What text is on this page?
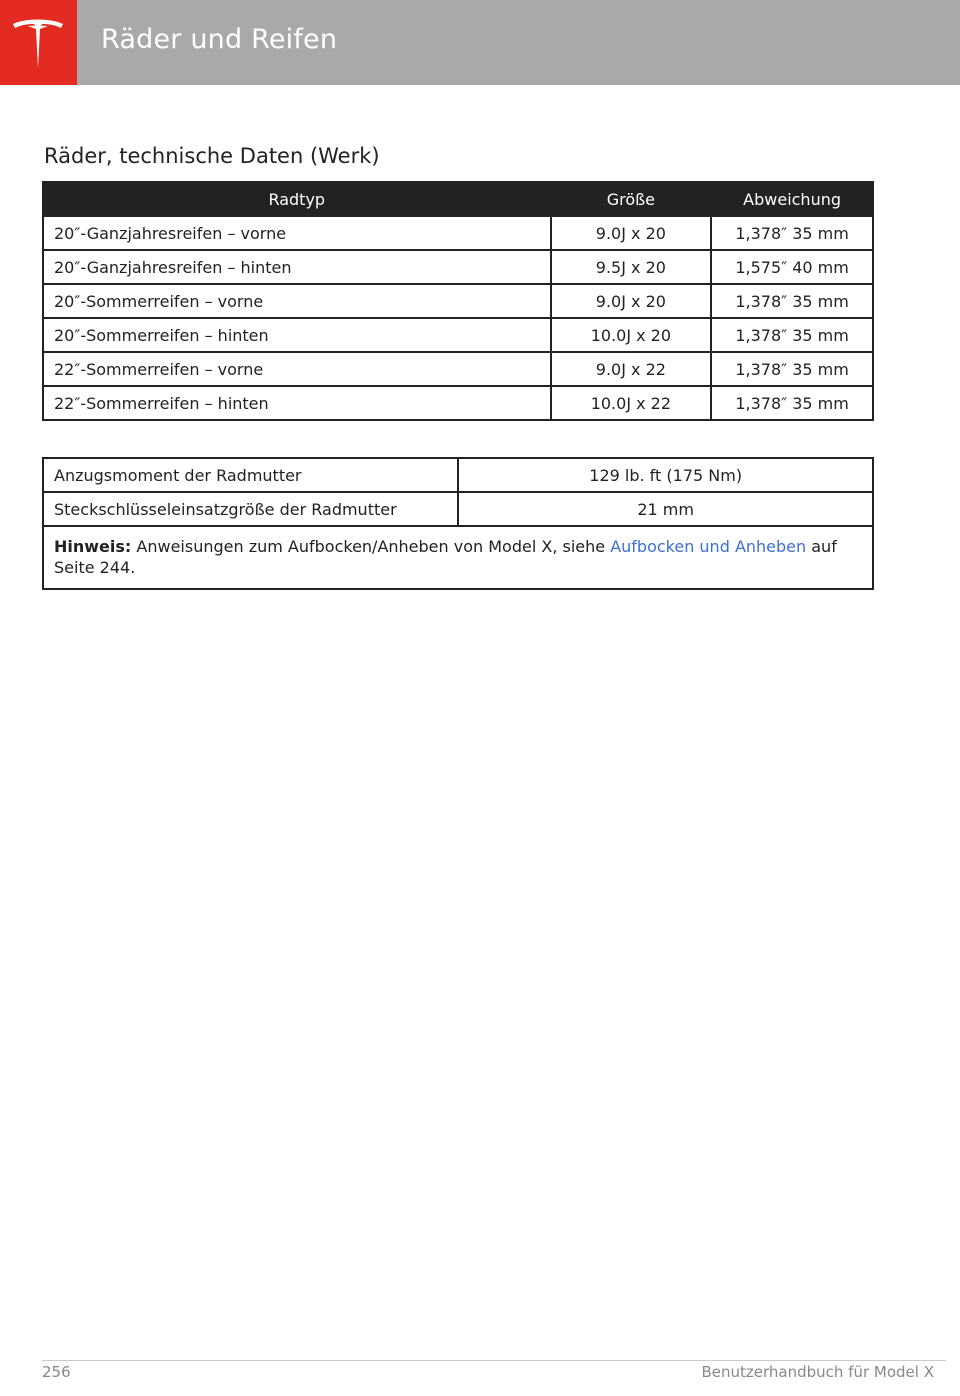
Räder und Reifen
Räder, technische Daten (Werk)
Radtyp	Größe	Abweichung
20″-Ganzjahresreifen – vorne	9.0J x 20	1,378″ 35 mm
20″-Ganzjahresreifen – hinten	9.5J x 20	1,575″ 40 mm
20″-Sommerreifen – vorne	9.0J x 20	1,378″ 35 mm
20″-Sommerreifen – hinten	10.0J x 20	1,378″ 35 mm
22″-Sommerreifen – vorne	9.0J x 22	1,378″ 35 mm
22″-Sommerreifen – hinten	10.0J x 22	1,378″ 35 mm
Anzugsmoment der Radmutter	129 lb. ft (175 Nm)
Steckschlüsseleinsatzgröße der Radmutter	21 mm
Hinweis: Anweisungen zum Aufbocken/Anheben von Model X, siehe Aufbocken und Anheben auf Seite 244.	
256	Benutzerhandbuch für Model X
